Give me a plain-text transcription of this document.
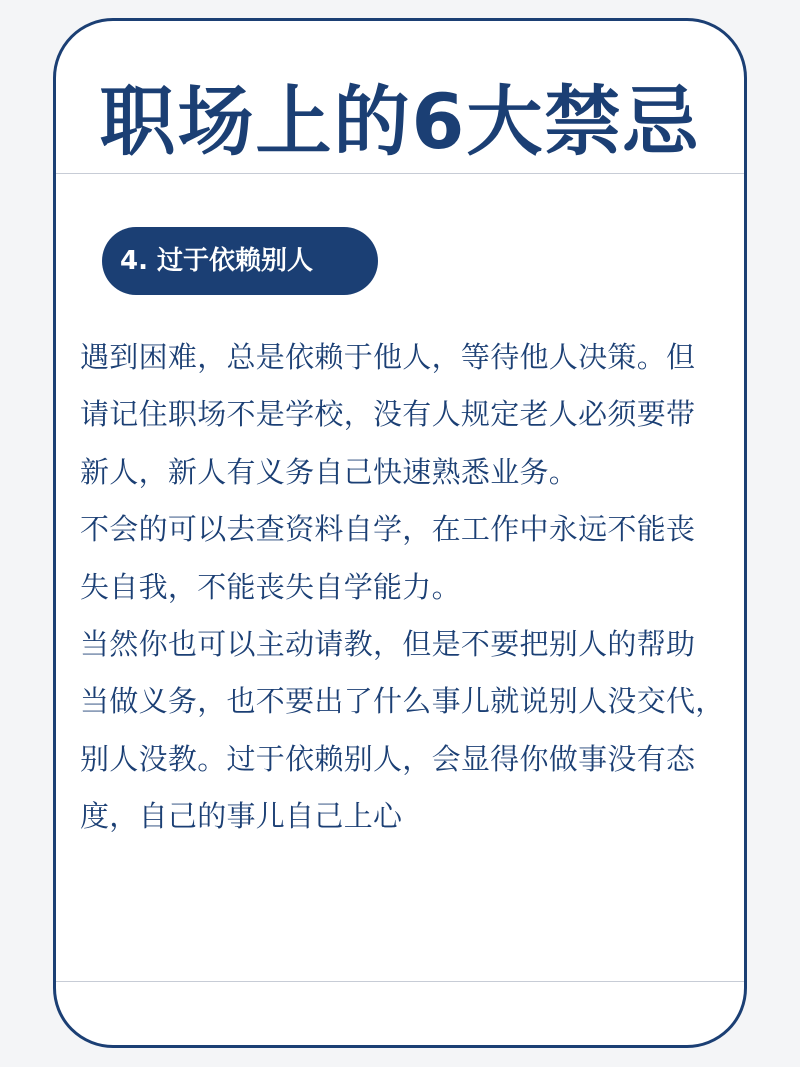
职场上的6大禁忌
4. 过于依赖别人
遇到困难，总是依赖于他人，等待他人决策。但
请记住职场不是学校，没有人规定老人必须要带
新人，新人有义务自己快速熟悉业务。
不会的可以去查资料自学，在工作中永远不能丧
失自我，不能丧失自学能力。
当然你也可以主动请教，但是不要把别人的帮助
当做义务，也不要出了什么事儿就说别人没交代，
别人没教。过于依赖别人，会显得你做事没有态
度，自己的事儿自己上心
